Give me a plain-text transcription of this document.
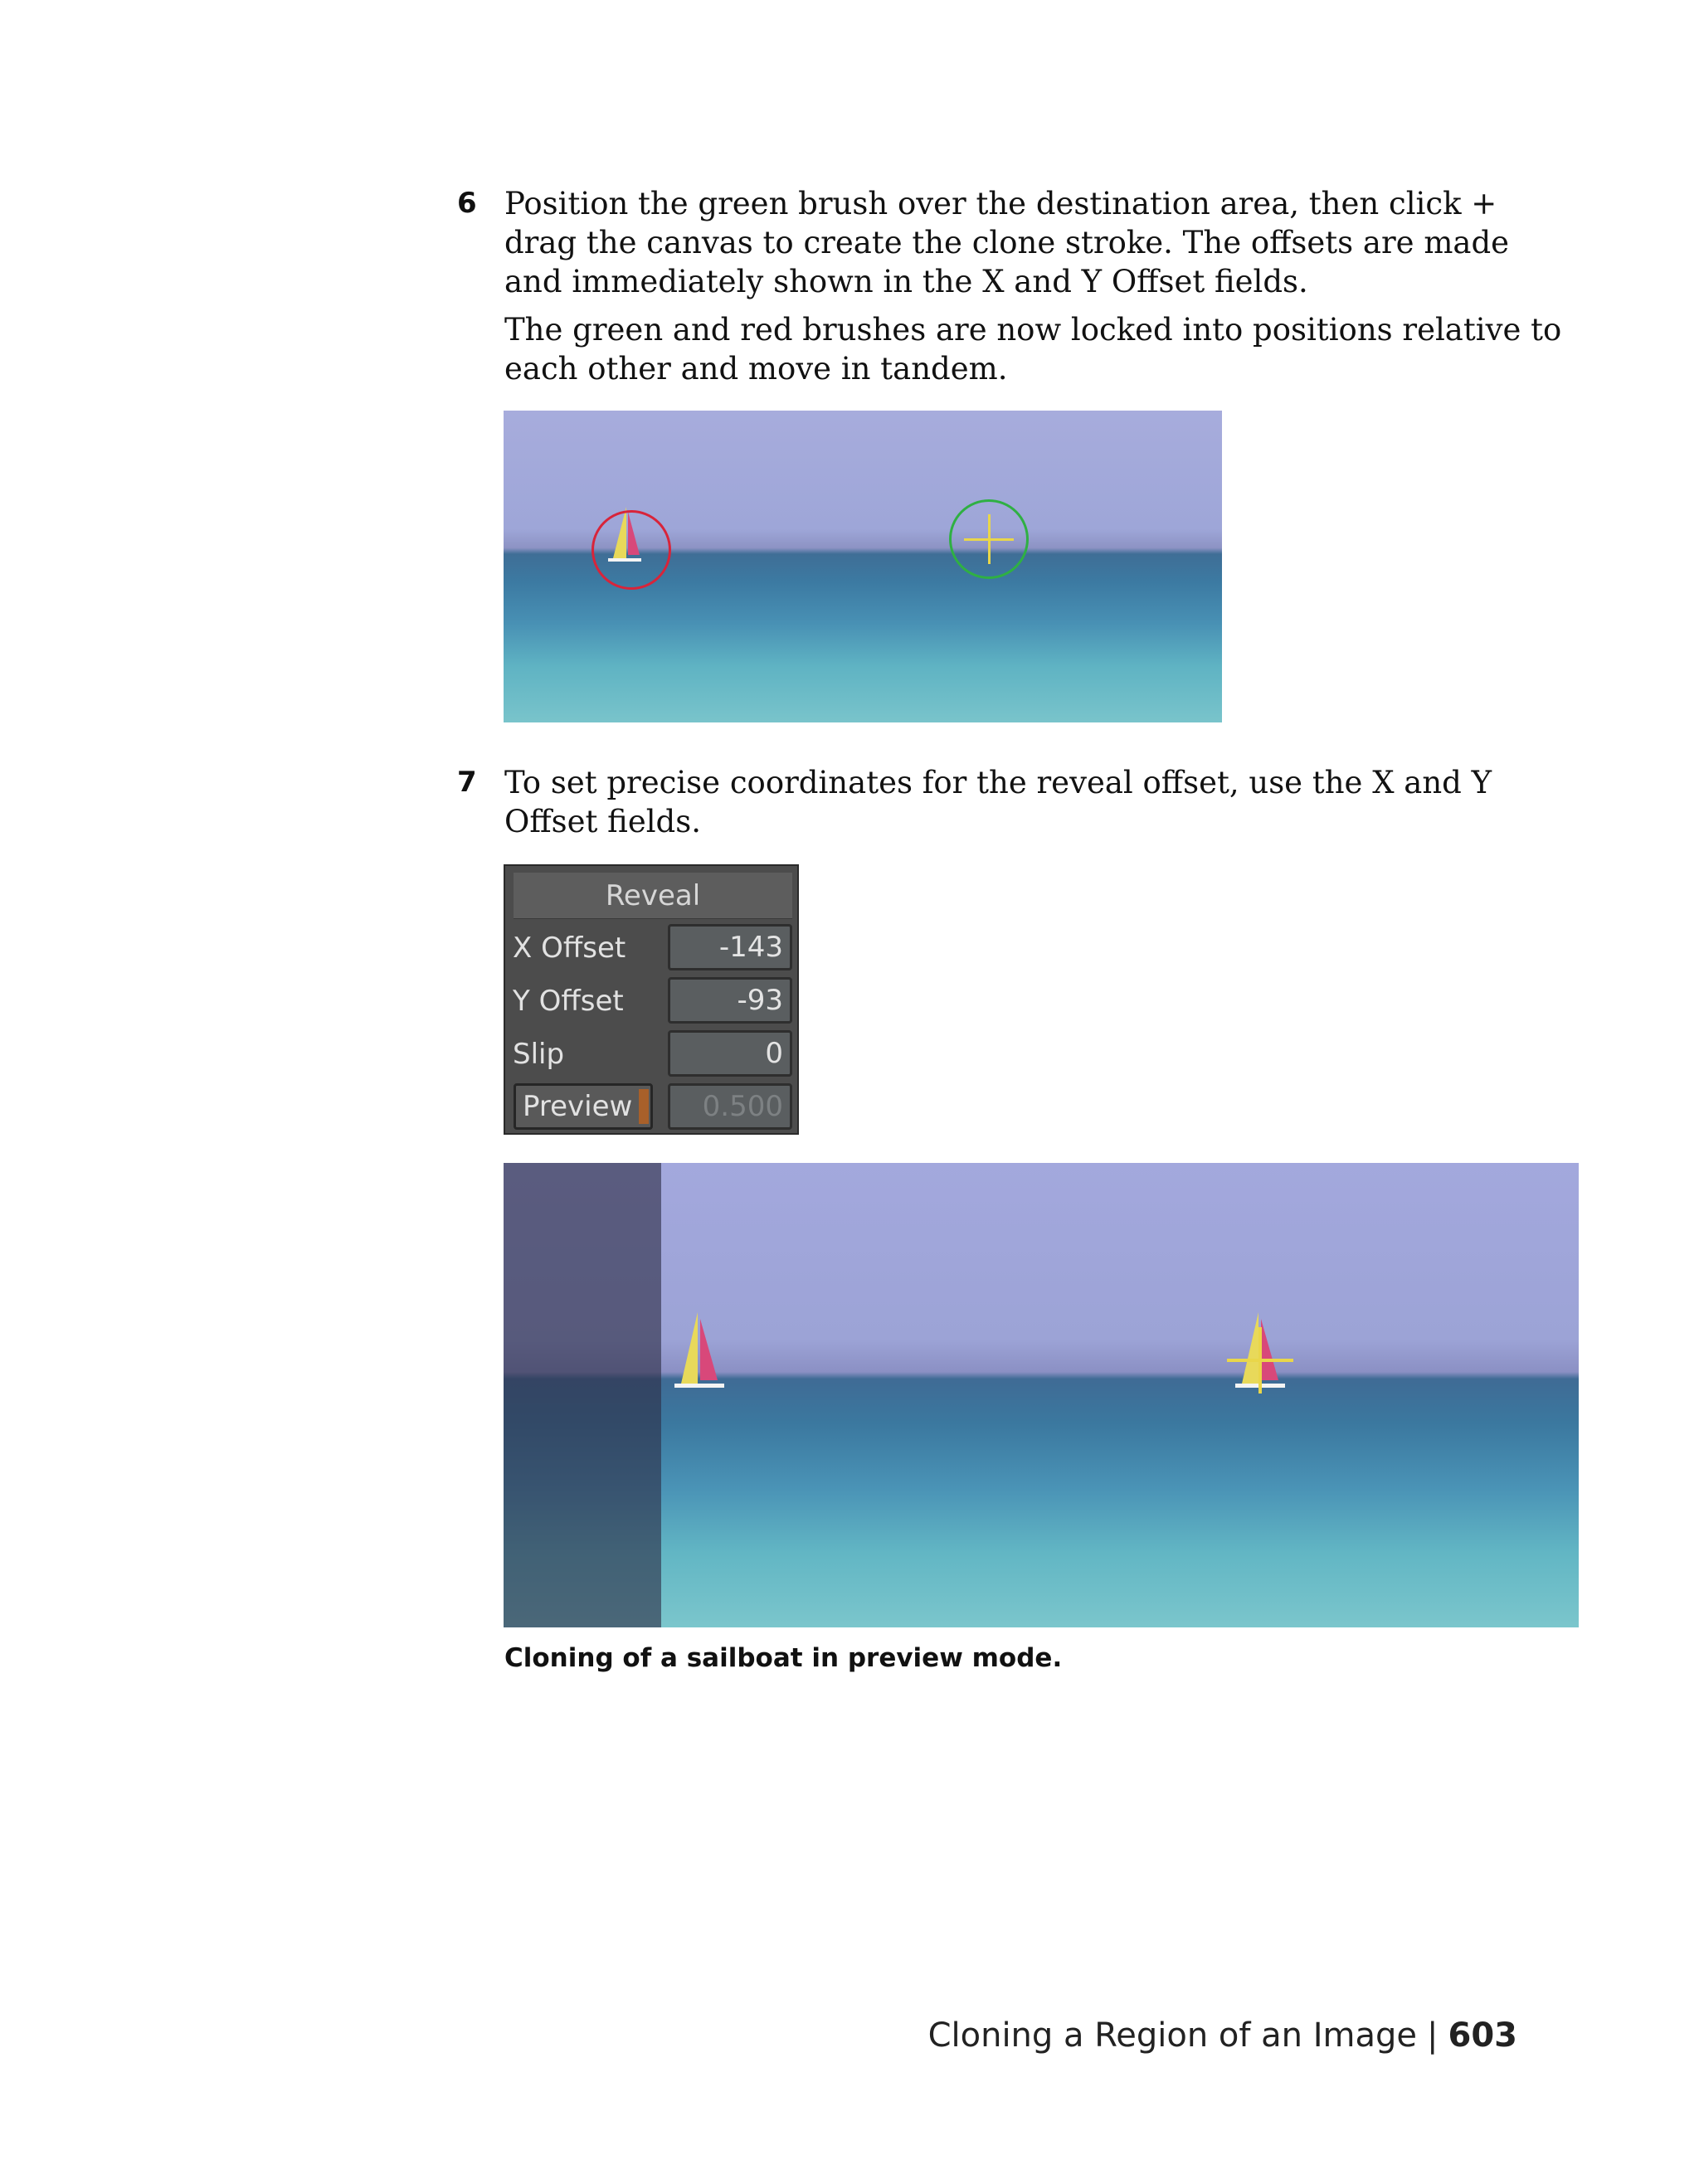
6 Position the green brush over the destination area, then click + drag the canvas to create the clone stroke. The offsets are made and immediately shown in the X and Y Offset fields.

The green and red brushes are now locked into positions relative to each other and move in tandem.

7 To set precise coordinates for the reveal offset, use the X and Y Offset fields.

Reveal
X Offset	-143
Y Offset	-93
Slip	0
Preview	0.500
Cloning of a sailboat in preview mode.
Cloning a Region of an Image | 603
